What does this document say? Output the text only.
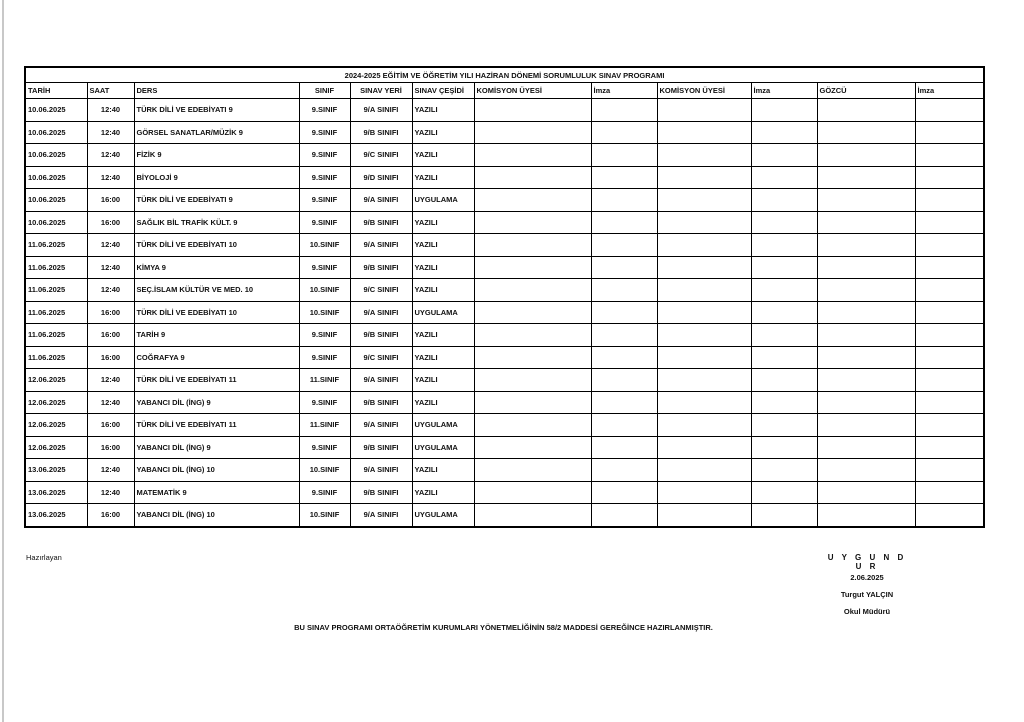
2024-2025 EĞİTİM VE ÖĞRETİM YILI HAZİRAN DÖNEMİ SORUMLULUK SINAV PROGRAMI											
TARİH	SAAT	DERS	SINIF	SINAV YERİ	SINAV ÇEŞİDİ	KOMİSYON ÜYESİ	İmza	KOMİSYON ÜYESİ	İmza	GÖZCÜ	İmza
10.06.2025	12:40	TÜRK DİLİ VE EDEBİYATI 9	9.SINIF	9/A SINIFI	YAZILI						
10.06.2025	12:40	GÖRSEL SANATLAR/MÜZİK 9	9.SINIF	9/B SINIFI	YAZILI						
10.06.2025	12:40	FİZİK 9	9.SINIF	9/C SINIFI	YAZILI						
10.06.2025	12:40	BİYOLOJİ 9	9.SINIF	9/D SINIFI	YAZILI						
10.06.2025	16:00	TÜRK DİLİ VE EDEBİYATI 9	9.SINIF	9/A SINIFI	UYGULAMA						
10.06.2025	16:00	SAĞLIK BİL TRAFİK KÜLT. 9	9.SINIF	9/B SINIFI	YAZILI						
11.06.2025	12:40	TÜRK DİLİ VE EDEBİYATI 10	10.SINIF	9/A SINIFI	YAZILI						
11.06.2025	12:40	KİMYA 9	9.SINIF	9/B SINIFI	YAZILI						
11.06.2025	12:40	SEÇ.İSLAM KÜLTÜR VE MED. 10	10.SINIF	9/C SINIFI	YAZILI						
11.06.2025	16:00	TÜRK DİLİ VE EDEBİYATI 10	10.SINIF	9/A SINIFI	UYGULAMA						
11.06.2025	16:00	TARİH 9	9.SINIF	9/B SINIFI	YAZILI						
11.06.2025	16:00	COĞRAFYA 9	9.SINIF	9/C SINIFI	YAZILI						
12.06.2025	12:40	TÜRK DİLİ VE EDEBİYATI 11	11.SINIF	9/A SINIFI	YAZILI						
12.06.2025	12:40	YABANCI DİL (İNG) 9	9.SINIF	9/B SINIFI	YAZILI						
12.06.2025	16:00	TÜRK DİLİ VE EDEBİYATI 11	11.SINIF	9/A SINIFI	UYGULAMA						
12.06.2025	16:00	YABANCI DİL (İNG) 9	9.SINIF	9/B SINIFI	UYGULAMA						
13.06.2025	12:40	YABANCI DİL (İNG) 10	10.SINIF	9/A SINIFI	YAZILI						
13.06.2025	12:40	MATEMATİK 9	9.SINIF	9/B SINIFI	YAZILI						
13.06.2025	16:00	YABANCI DİL (İNG) 10	10.SINIF	9/A SINIFI	UYGULAMA						
Hazırlayan	U Y G U N D U R
2.06.2025
Turgut YALÇIN
Okul Müdürü
BU SINAV PROGRAMI ORTAÖĞRETİM KURUMLARI YÖNETMELİĞİNİN 58/2 MADDESİ GEREĞİNCE HAZIRLANMIŞTIR.
